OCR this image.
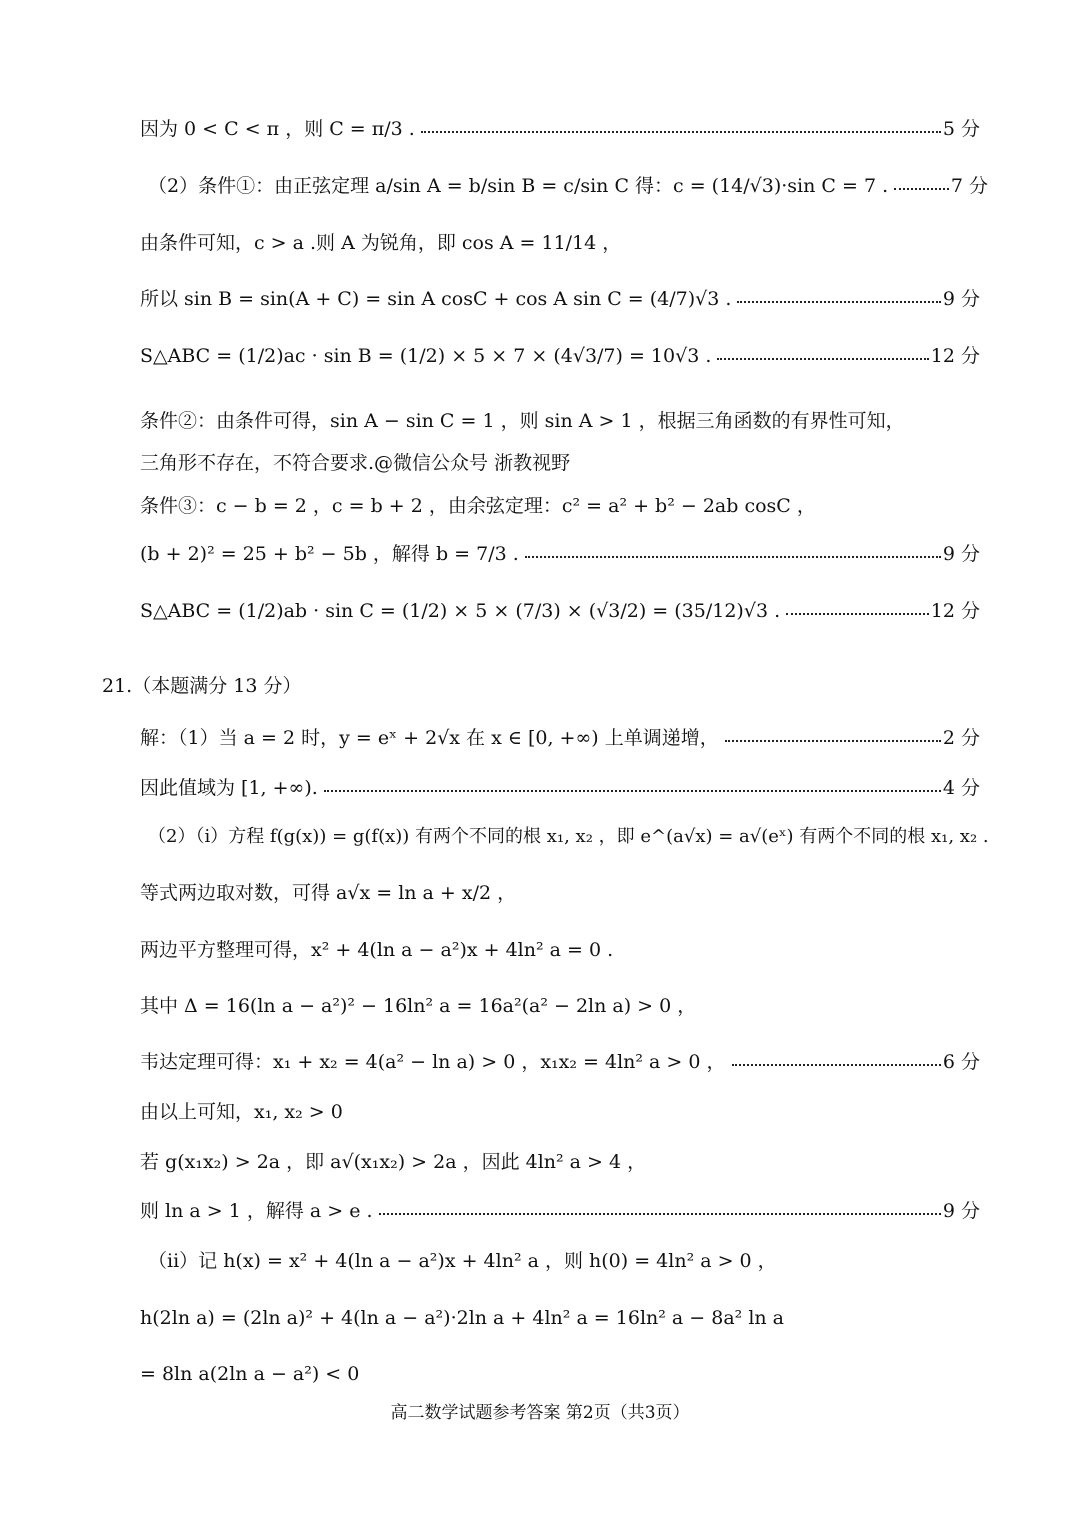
因为 0 < C < π ，则 C = π/3 .	5 分
（2）条件①：由正弦定理 a/sin A = b/sin B = c/sin C 得：c = (14/√3)·sin C = 7 .	7 分
由条件可知，c > a .则 A 为锐角，即 cos A = 11/14 ，
所以 sin B = sin(A + C) = sin A cosC + cos A sin C = (4/7)√3 .	9 分
S△ABC = (1/2)ac · sin B = (1/2) × 5 × 7 × (4√3/7) = 10√3 .	12 分
条件②：由条件可得，sin A − sin C = 1 ，则 sin A > 1 ，根据三角函数的有界性可知，
三角形不存在，不符合要求.@微信公众号 浙教视野
条件③：c − b = 2 ，c = b + 2 ，由余弦定理：c² = a² + b² − 2ab cosC ，
(b + 2)² = 25 + b² − 5b ，解得 b = 7/3 .	9 分
S△ABC = (1/2)ab · sin C = (1/2) × 5 × (7/3) × (√3/2) = (35/12)√3 .	12 分
21.（本题满分 13 分）
解：（1）当 a = 2 时，y = eˣ + 2√x 在 x ∈ [0, +∞) 上单调递增，	2 分
因此值域为 [1, +∞).	4 分
（2）（i）方程 f(g(x)) = g(f(x)) 有两个不同的根 x₁, x₂ ，即 e^(a√x) = a√(eˣ) 有两个不同的根 x₁, x₂ .
等式两边取对数，可得 a√x = ln a + x/2 ，
两边平方整理可得，x² + 4(ln a − a²)x + 4ln² a = 0 .
其中 Δ = 16(ln a − a²)² − 16ln² a = 16a²(a² − 2ln a) > 0 ，
韦达定理可得：x₁ + x₂ = 4(a² − ln a) > 0 ，x₁x₂ = 4ln² a > 0 ，	6 分
由以上可知，x₁, x₂ > 0
若 g(x₁x₂) > 2a ，即 a√(x₁x₂) > 2a ，因此 4ln² a > 4 ，
则 ln a > 1 ，解得 a > e .	9 分
（ii）记 h(x) = x² + 4(ln a − a²)x + 4ln² a ，则 h(0) = 4ln² a > 0 ，
h(2ln a) = (2ln a)² + 4(ln a − a²)·2ln a + 4ln² a = 16ln² a − 8a² ln a
= 8ln a(2ln a − a²) < 0
高二数学试题参考答案 第2页（共3页）
